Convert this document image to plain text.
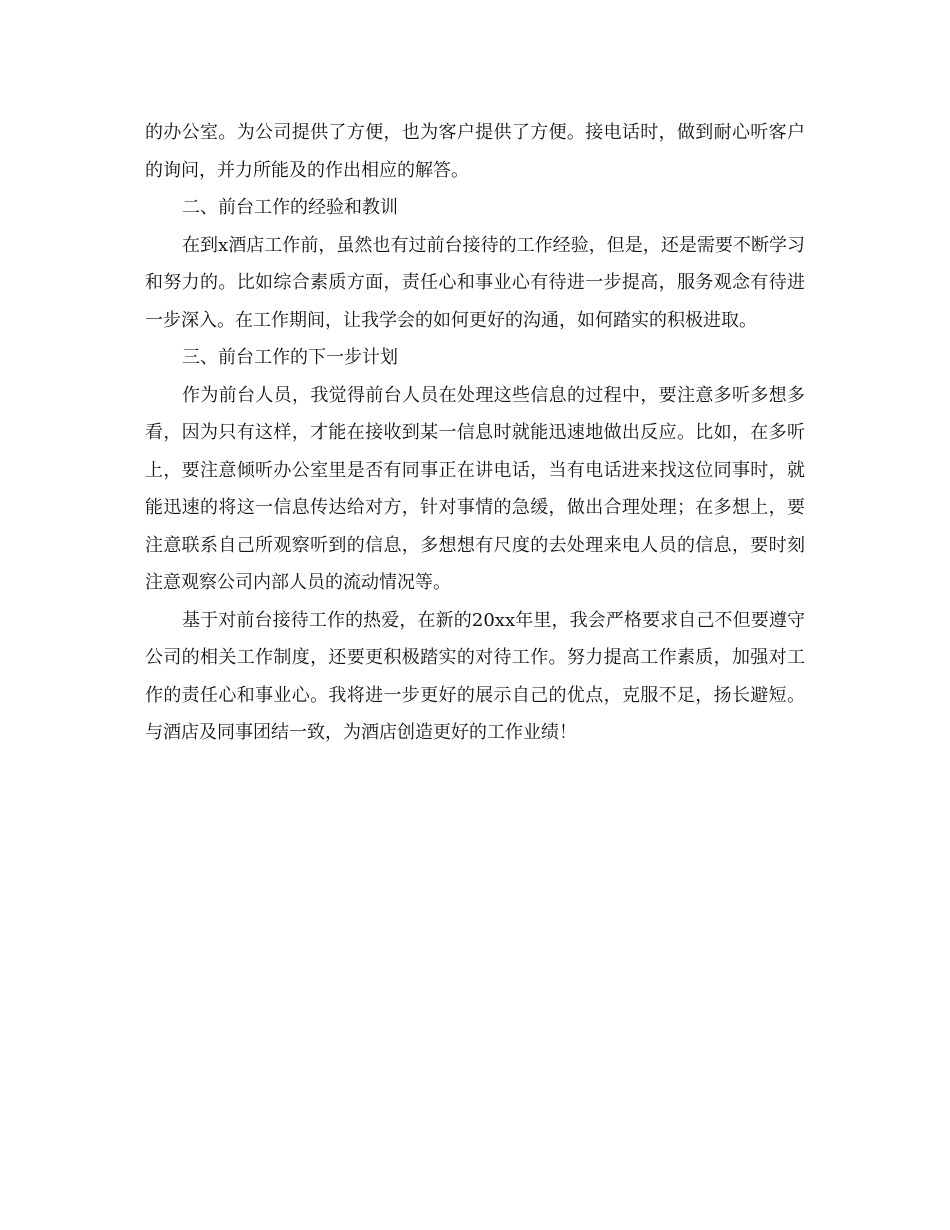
的办公室。为公司提供了方便，也为客户提供了方便。接电话时，做到耐心听客户的询问，并力所能及的作出相应的解答。

二、前台工作的经验和教训

在到x酒店工作前，虽然也有过前台接待的工作经验，但是，还是需要不断学习和努力的。比如综合素质方面，责任心和事业心有待进一步提高，服务观念有待进一步深入。在工作期间，让我学会的如何更好的沟通，如何踏实的积极进取。

三、前台工作的下一步计划

作为前台人员，我觉得前台人员在处理这些信息的过程中，要注意多听多想多看，因为只有这样，才能在接收到某一信息时就能迅速地做出反应。比如，在多听上，要注意倾听办公室里是否有同事正在讲电话，当有电话进来找这位同事时，就能迅速的将这一信息传达给对方，针对事情的急缓，做出合理处理；在多想上，要注意联系自己所观察听到的信息，多想想有尺度的去处理来电人员的信息，要时刻注意观察公司内部人员的流动情况等。

基于对前台接待工作的热爱，在新的20xx年里，我会严格要求自己不但要遵守公司的相关工作制度，还要更积极踏实的对待工作。努力提高工作素质，加强对工作的责任心和事业心。我将进一步更好的展示自己的优点，克服不足，扬长避短。与酒店及同事团结一致，为酒店创造更好的工作业绩！
